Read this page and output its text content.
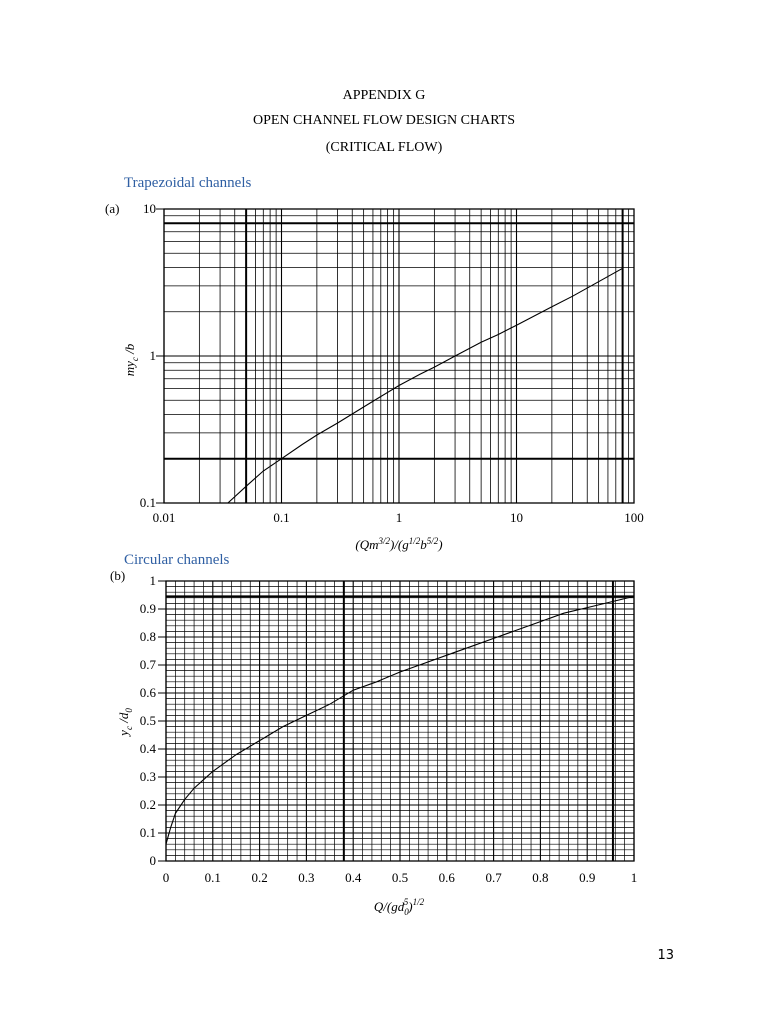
APPENDIX G
OPEN CHANNEL FLOW DESIGN CHARTS
(CRITICAL FLOW)
Trapezoidal channels
(a)
0.01	0.1	1	10	100
0.1
1
10
$(Qm^{3/2})/(g^{1/2}b^{5/2})$
$my_c$ /b
Circular channels
(b)
0	0.1 0.2 0.3 0.4 0.5 0.6 0.7 0.8 0.9	1
0
0.1
0.2
0.3
0.4
0.5
0.6
0.7
0.8
0.9
1
$Q/(gd_05)^{1/2}$
$y_c$ $/d_0$
13
